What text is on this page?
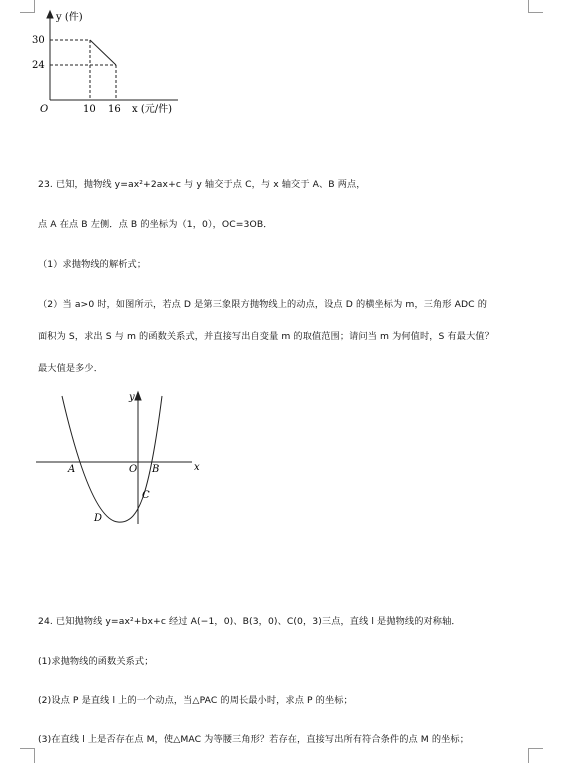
y (件)
30
24
O	10 16 x (元/件)
23. 已知，抛物线 y=ax²+2ax+c 与 y 轴交于点 C，与 x 轴交于 A、B 两点，
点 A 在点 B 左侧．点 B 的坐标为（1，0），OC=3OB．
（1）求抛物线的解析式；
（2）当 a>0 时，如图所示，若点 D 是第三象限方抛物线上的动点，设点 D 的横坐标为 m，三角形 ADC 的
面积为 S，求出 S 与 m 的函数关系式，并直接写出自变量 m 的取值范围；请问当 m 为何值时，S 有最大值？
最大值是多少．
y
x
A	O B
C
D
24. 已知抛物线 y=ax²+bx+c 经过 A(−1，0)、B(3，0)、C(0，3)三点，直线 l 是抛物线的对称轴．
(1)求抛物线的函数关系式；
(2)设点 P 是直线 l 上的一个动点，当△PAC 的周长最小时，求点 P 的坐标；
(3)在直线 l 上是否存在点 M，使△MAC 为等腰三角形？若存在，直接写出所有符合条件的点 M 的坐标；
